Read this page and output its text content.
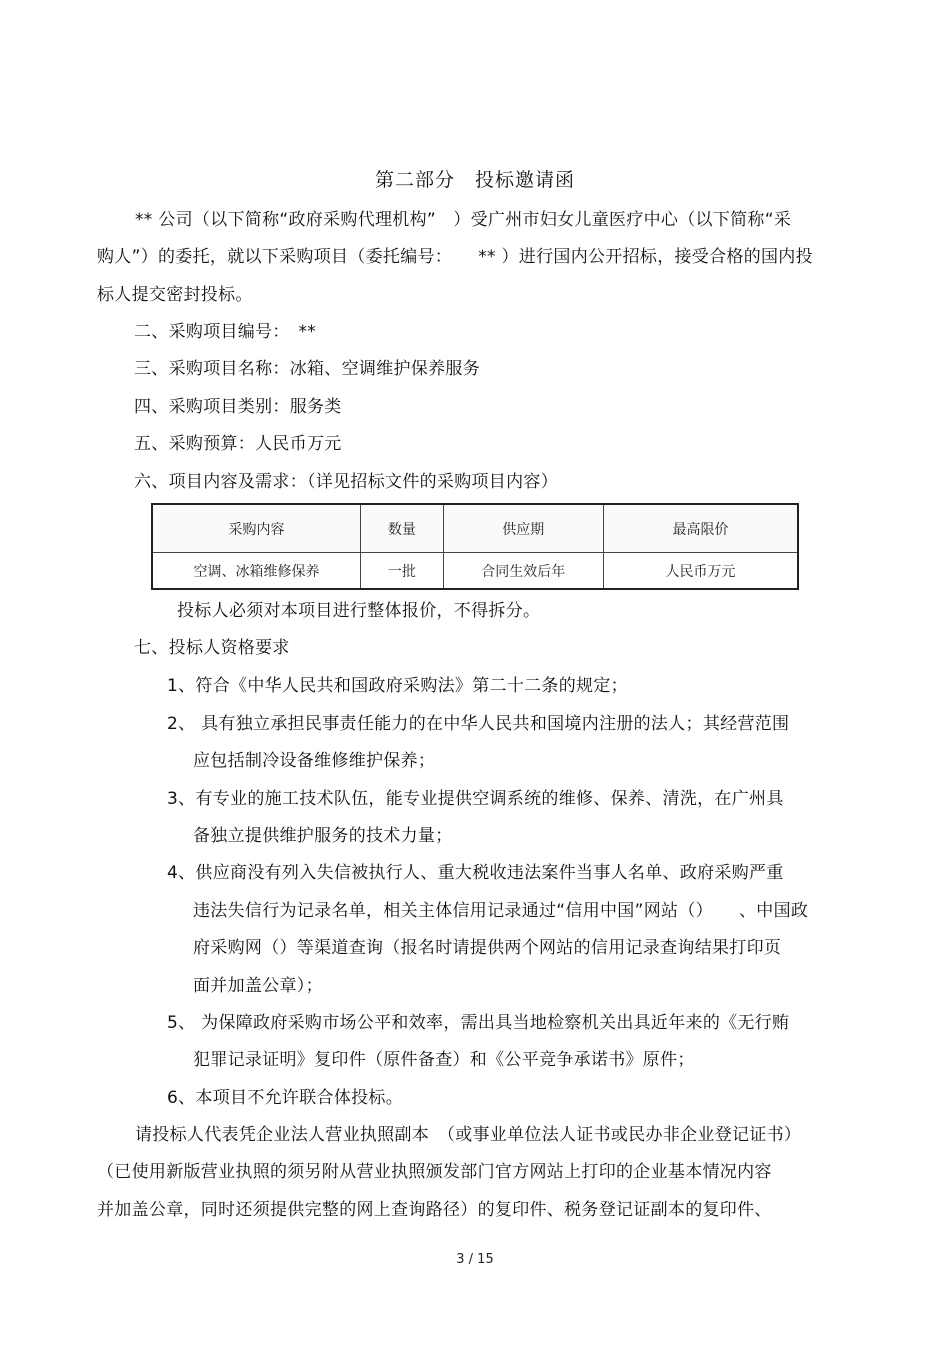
第二部分　投标邀请函
** 公司（以下简称“政府采购代理机构”　）受广州市妇女儿童医疗中心（以下简称“采
购人”）的委托，就以下采购项目（委托编号：　　** ）进行国内公开招标，接受合格的国内投
标人提交密封投标。
二、采购项目编号：　**
三、采购项目名称：冰箱、空调维护保养服务
四、采购项目类别：服务类
五、采购预算：人民币万元
六、项目内容及需求：（详见招标文件的采购项目内容）
采购内容	数量	供应期	最高限价
空调、冰箱维修保养	一批	合同生效后年	人民币万元
投标人必须对本项目进行整体报价，不得拆分。
七、投标人资格要求
1、符合《中华人民共和国政府采购法》第二十二条的规定；
2、 具有独立承担民事责任能力的在中华人民共和国境内注册的法人；其经营范围
应包括制冷设备维修维护保养；
3、有专业的施工技术队伍，能专业提供空调系统的维修、保养、清洗，在广州具
备独立提供维护服务的技术力量；
4、供应商没有列入失信被执行人、重大税收违法案件当事人名单、政府采购严重
违法失信行为记录名单，相关主体信用记录通过“信用中国”网站（）　　、中国政
府采购网（）等渠道查询（报名时请提供两个网站的信用记录查询结果打印页
面并加盖公章）；
5、 为保障政府采购市场公平和效率，需出具当地检察机关出具近年来的《无行贿
犯罪记录证明》复印件（原件备查）和《公平竞争承诺书》原件；
6、本项目不允许联合体投标。
请投标人代表凭企业法人营业执照副本　（或事业单位法人证书或民办非企业登记证书）
（已使用新版营业执照的须另附从营业执照颁发部门官方网站上打印的企业基本情况内容
并加盖公章，同时还须提供完整的网上查询路径）的复印件、税务登记证副本的复印件、
3 / 15
